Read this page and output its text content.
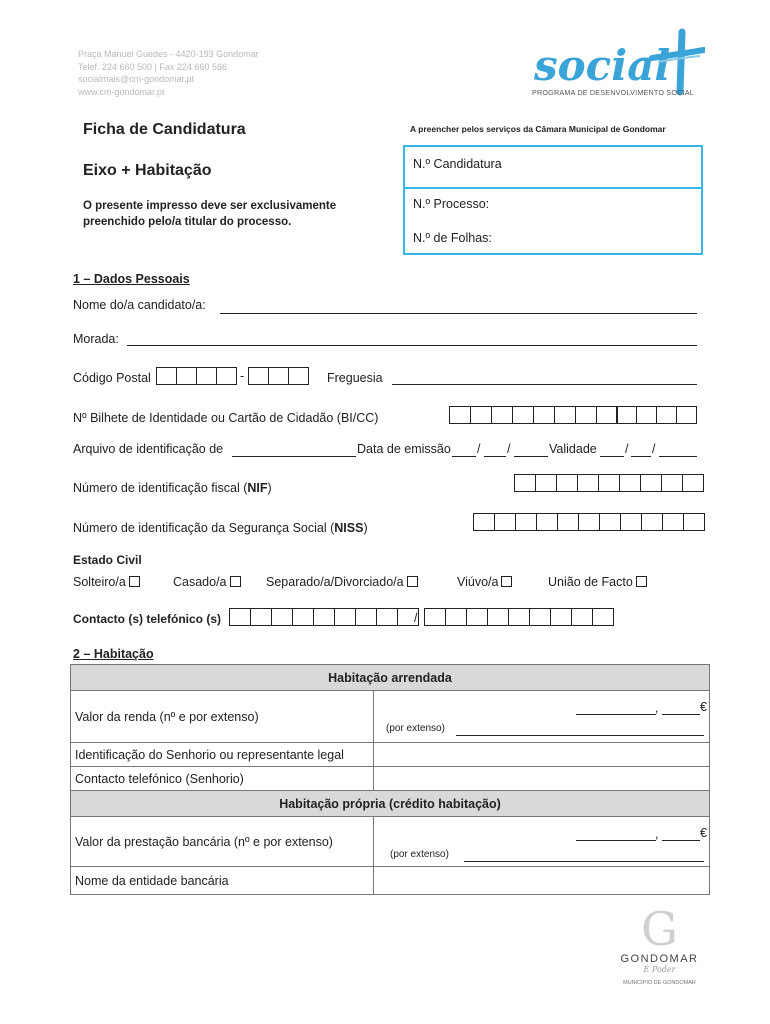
Praça Manuel Guedes - 4420-193 Gondomar
Telef. 224 660 500 | Fax 224 660 566
socialmais@cm-gondomar.pt
www.cm-gondomar.pt
social
PROGRAMA DE DESENVOLVIMENTO SOCIAL
Ficha de Candidatura
Eixo + Habitação
O presente impresso deve ser exclusivamente preenchido pelo/a titular do processo.
A preencher pelos serviços da Câmara Municipal de Gondomar
N.º Candidatura
N.º Processo:
N.º de Folhas:
1 – Dados Pessoais
Nome do/a candidato/a:
Morada:
Código Postal	-	Freguesia
Nº Bilhete de Identidade ou Cartão de Cidadão (BI/CC)
Arquivo de identificação de	Data de emissão / /	Validade / /
Número de identificação fiscal (NIF)
Número de identificação da Segurança Social (NISS)
Estado Civil
Solteiro/a	Casado/a	Separado/a/Divorciado/a	Viúvo/a	União de Facto
Contacto (s) telefónico (s)	/
2 – Habitação
Habitação arrendada	
Valor da renda (nº e por extenso)	, €
(por extenso)

Identificação do Senhorio ou representante legal	
Contacto telefónico (Senhorio)	
Habitação própria (crédito habitação)	
Valor da prestação bancária (nº e por extenso)	, €
(por extenso)

Nome da entidade bancária	
G
GONDOMAR
É Poder
MUNICÍPIO DE GONDOMAR
